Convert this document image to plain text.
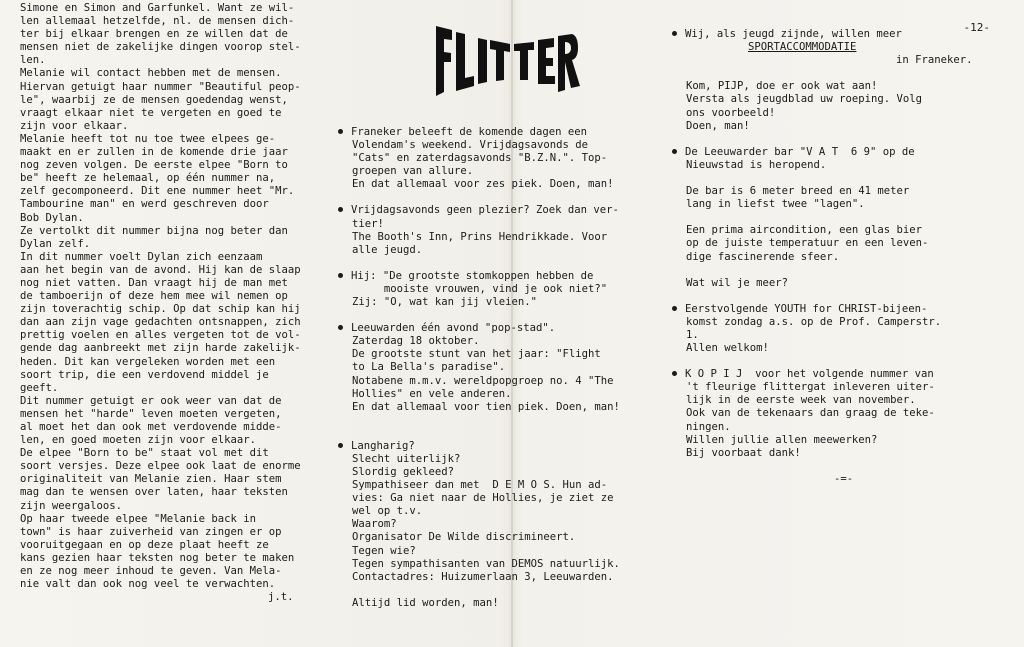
-12-
FLITTERS
Simone en Simon and Garfunkel. Want ze wil-
len allemaal hetzelfde, nl. de mensen dich-
ter bij elkaar brengen en ze willen dat de
mensen niet de zakelijke dingen voorop stel-
len.
Melanie wil contact hebben met de mensen.
Hiervan getuigt haar nummer "Beautiful peop-
le", waarbij ze de mensen goedendag wenst,
vraagt elkaar niet te vergeten en goed te
zijn voor elkaar.
Melanie heeft tot nu toe twee elpees ge-
maakt en er zullen in de komende drie jaar
nog zeven volgen. De eerste elpee "Born to
be" heeft ze helemaal, op één nummer na,
zelf gecomponeerd. Dit ene nummer heet "Mr.
Tambourine man" en werd geschreven door
Bob Dylan.
Ze vertolkt dit nummer bijna nog beter dan
Dylan zelf.
In dit nummer voelt Dylan zich eenzaam
aan het begin van de avond. Hij kan de slaap
nog niet vatten. Dan vraagt hij de man met
de tamboerijn of deze hem mee wil nemen op
zijn toverachtig schip. Op dat schip kan hij
dan aan zijn vage gedachten ontsnappen, zich
prettig voelen en alles vergeten tot de vol-
gende dag aanbreekt met zijn harde zakelijk-
heden. Dit kan vergeleken worden met een
soort trip, die een verdovend middel je
geeft.
Dit nummer getuigt er ook weer van dat de
mensen het "harde" leven moeten vergeten,
al moet het dan ook met verdovende midde-
len, en goed moeten zijn voor elkaar.
De elpee "Born to be" staat vol met dit
soort versjes. Deze elpee ook laat de enorme
originaliteit van Melanie zien. Haar stem
mag dan te wensen over laten, haar teksten
zijn weergaloos.
Op haar tweede elpee "Melanie back in
town" is haar zuiverheid van zingen er op
vooruitgegaan en op deze plaat heeft ze
kans gezien haar teksten nog beter te maken
en ze nog meer inhoud te geven. Van Mela-
nie valt dan ook nog veel te verwachten.
j.t.
Franeker beleeft de komende dagen een
Volendam's weekend. Vrijdagsavonds de
"Cats" en zaterdagsavonds "B.Z.N.". Top-
groepen van allure.
En dat allemaal voor zes piek. Doen, man!
Vrijdagsavonds geen plezier? Zoek dan ver-
tier!
The Booth's Inn, Prins Hendrikkade. Voor
alle jeugd.
Hij: "De grootste stomkoppen hebben de
mooiste vrouwen, vind je ook niet?"
Zij: "O, wat kan jij vleien."
Leeuwarden één avond "pop-stad".
Zaterdag 18 oktober.
De grootste stunt van het jaar: "Flight
to La Bella's paradise".
Notabene m.m.v. wereldpopgroep no. 4 "The
Hollies" en vele anderen.
En dat allemaal voor tien piek. Doen, man!
Langharig?
Slecht uiterlijk?
Slordig gekleed?
Sympathiseer dan met  D E M O S. Hun ad-
vies: Ga niet naar de Hollies, je ziet ze
wel op t.v.
Waarom?
Organisator De Wilde discrimineert.
Tegen wie?
Tegen sympathisanten van DEMOS natuurlijk.
Contactadres: Huizumerlaan 3, Leeuwarden.
Altijd lid worden, man!
Wij, als jeugd zijnde, willen meer
SPORTACCOMMODATIE
in Franeker.
Kom, PIJP, doe er ook wat aan!
Versta als jeugdblad uw roeping. Volg
ons voorbeeld!
Doen, man!
De Leeuwarder bar "V A T  6 9" op de
Nieuwstad is heropend.
De bar is 6 meter breed en 41 meter
lang in liefst twee "lagen".
Een prima aircondition, een glas bier
op de juiste temperatuur en een leven-
dige fascinerende sfeer.
Wat wil je meer?
Eerstvolgende YOUTH for CHRIST-bijeen-
komst zondag a.s. op de Prof. Camperstr.
1.
Allen welkom!
K O P I J  voor het volgende nummer van
't fleurige flittergat inleveren uiter-
lijk in de eerste week van november.
Ook van de tekenaars dan graag de teke-
ningen.
Willen jullie allen meewerken?
Bij voorbaat dank!
-=-
